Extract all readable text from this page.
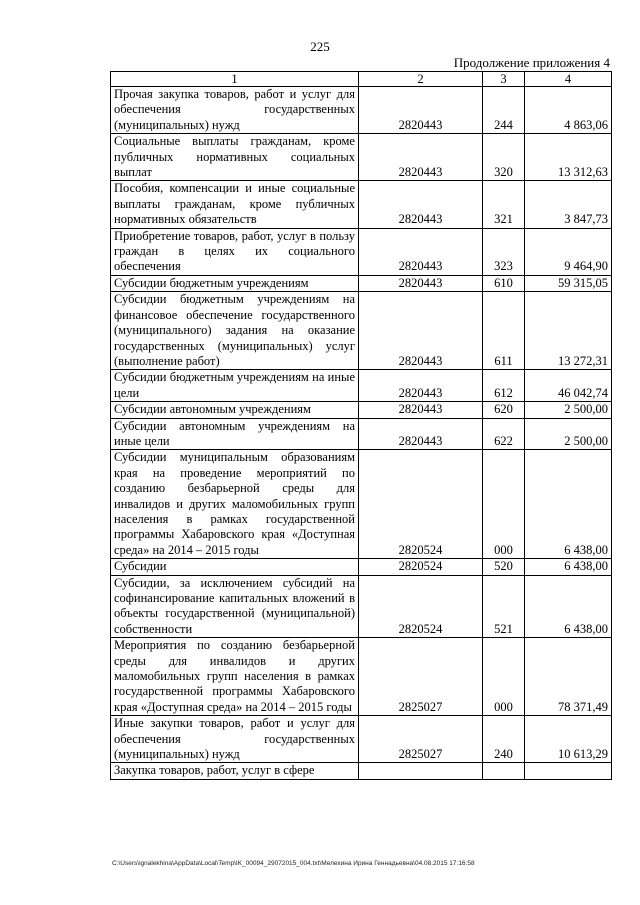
225
Продолжение приложения 4
1	2	3	4
Прочая закупка товаров, работ и услуг для обеспечения государственных (муниципальных) нужд	2820443	244	4 863,06
Социальные выплаты гражданам, кроме публичных нормативных социальных выплат	2820443	320	13 312,63
Пособия, компенсации и иные социальные выплаты гражданам, кроме публичных нормативных обязательств	2820443	321	3 847,73
Приобретение товаров, работ, услуг в пользу граждан в целях их социального обеспечения	2820443	323	9 464,90
Субсидии бюджетным учреждениям	2820443	610	59 315,05
Субсидии бюджетным учреждениям на финансовое обеспечение государственного (муниципального) задания на оказание государственных (муниципальных) услуг (выполнение работ)	2820443	611	13 272,31
Субсидии бюджетным учреждениям на иные цели	2820443	612	46 042,74
Субсидии автономным учреждениям	2820443	620	2 500,00
Субсидии автономным учреждениям на иные цели	2820443	622	2 500,00
Субсидии муниципальным образованиям края на проведение мероприятий по созданию безбарьерной среды для инвалидов и других маломобильных групп населения в рамках государственной программы Хабаровского края «Доступная среда» на 2014 – 2015 годы	2820524	000	6 438,00
Субсидии	2820524	520	6 438,00
Субсидии, за исключением субсидий на софинансирование капитальных вложений в объекты государственной (муниципальной) собственности	2820524	521	6 438,00
Мероприятия по созданию безбарьерной среды для инвалидов и других маломобильных групп населения в рамках государственной программы Хабаровского края «Доступная среда» на 2014 – 2015 годы	2825027	000	78 371,49
Иные закупки товаров, работ и услуг для обеспечения государственных (муниципальных) нужд	2825027	240	10 613,29
Закупка товаров, работ, услуг в сфере			
C:\Users\ignalekhina\AppData\Local\Temp\IK_00094_29072015_004.txt\Мелехина Ирина Геннадьевна\04.08.2015 17:16:58
